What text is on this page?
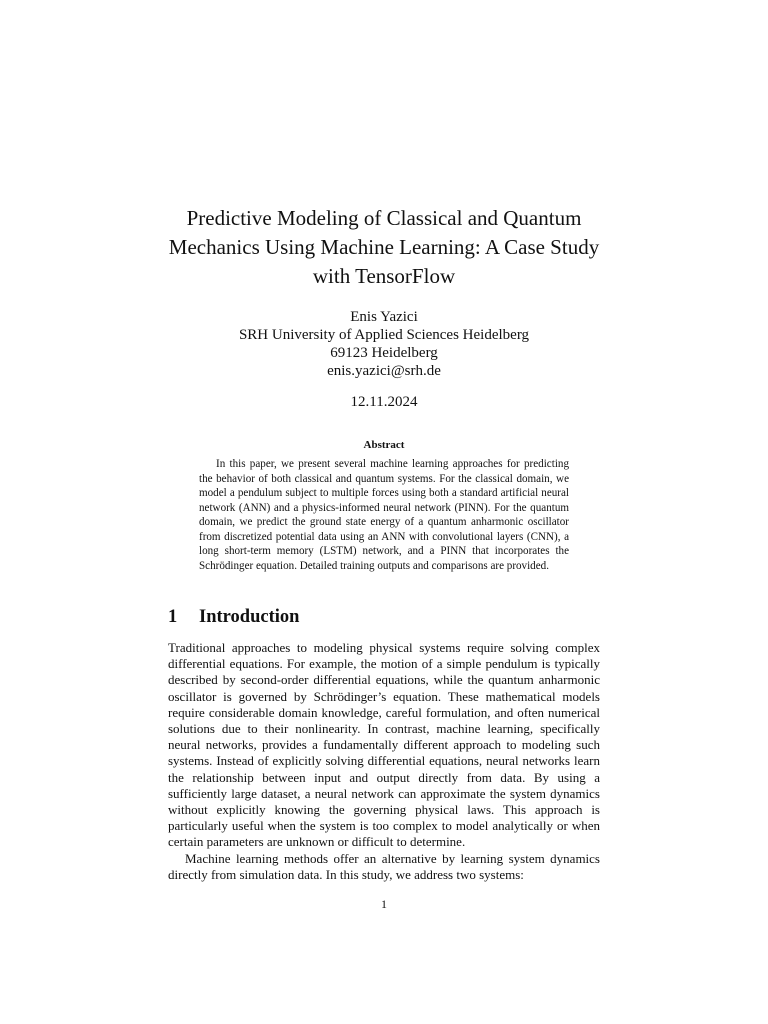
Predictive Modeling of Classical and Quantum Mechanics Using Machine Learning: A Case Study with TensorFlow
Enis Yazici
SRH University of Applied Sciences Heidelberg
69123 Heidelberg
enis.yazici@srh.de
12.11.2024
Abstract

In this paper, we present several machine learning approaches for predicting the behavior of both classical and quantum systems. For the classical domain, we model a pendulum subject to multiple forces using both a standard artificial neural network (ANN) and a physics-informed neural network (PINN). For the quantum domain, we predict the ground state energy of a quantum anharmonic oscillator from discretized potential data using an ANN with convolutional layers (CNN), a long short-term memory (LSTM) network, and a PINN that incorporates the Schrödinger equation. Detailed training outputs and comparisons are provided.

1 Introduction

Traditional approaches to modeling physical systems require solving complex differential equations. For example, the motion of a simple pendulum is typically described by second-order differential equations, while the quantum anharmonic oscillator is governed by Schrödinger’s equation. These mathematical models require considerable domain knowledge, careful formulation, and often numerical solutions due to their nonlinearity. In contrast, machine learning, specifically neural networks, provides a fundamentally different approach to modeling such systems. Instead of explicitly solving differential equations, neural networks learn the relationship between input and output directly from data. By using a sufficiently large dataset, a neural network can approximate the system dynamics without explicitly knowing the governing physical laws. This approach is particularly useful when the system is too complex to model analytically or when certain parameters are unknown or difficult to determine.

Machine learning methods offer an alternative by learning system dynamics directly from simulation data. In this study, we address two systems:

1
